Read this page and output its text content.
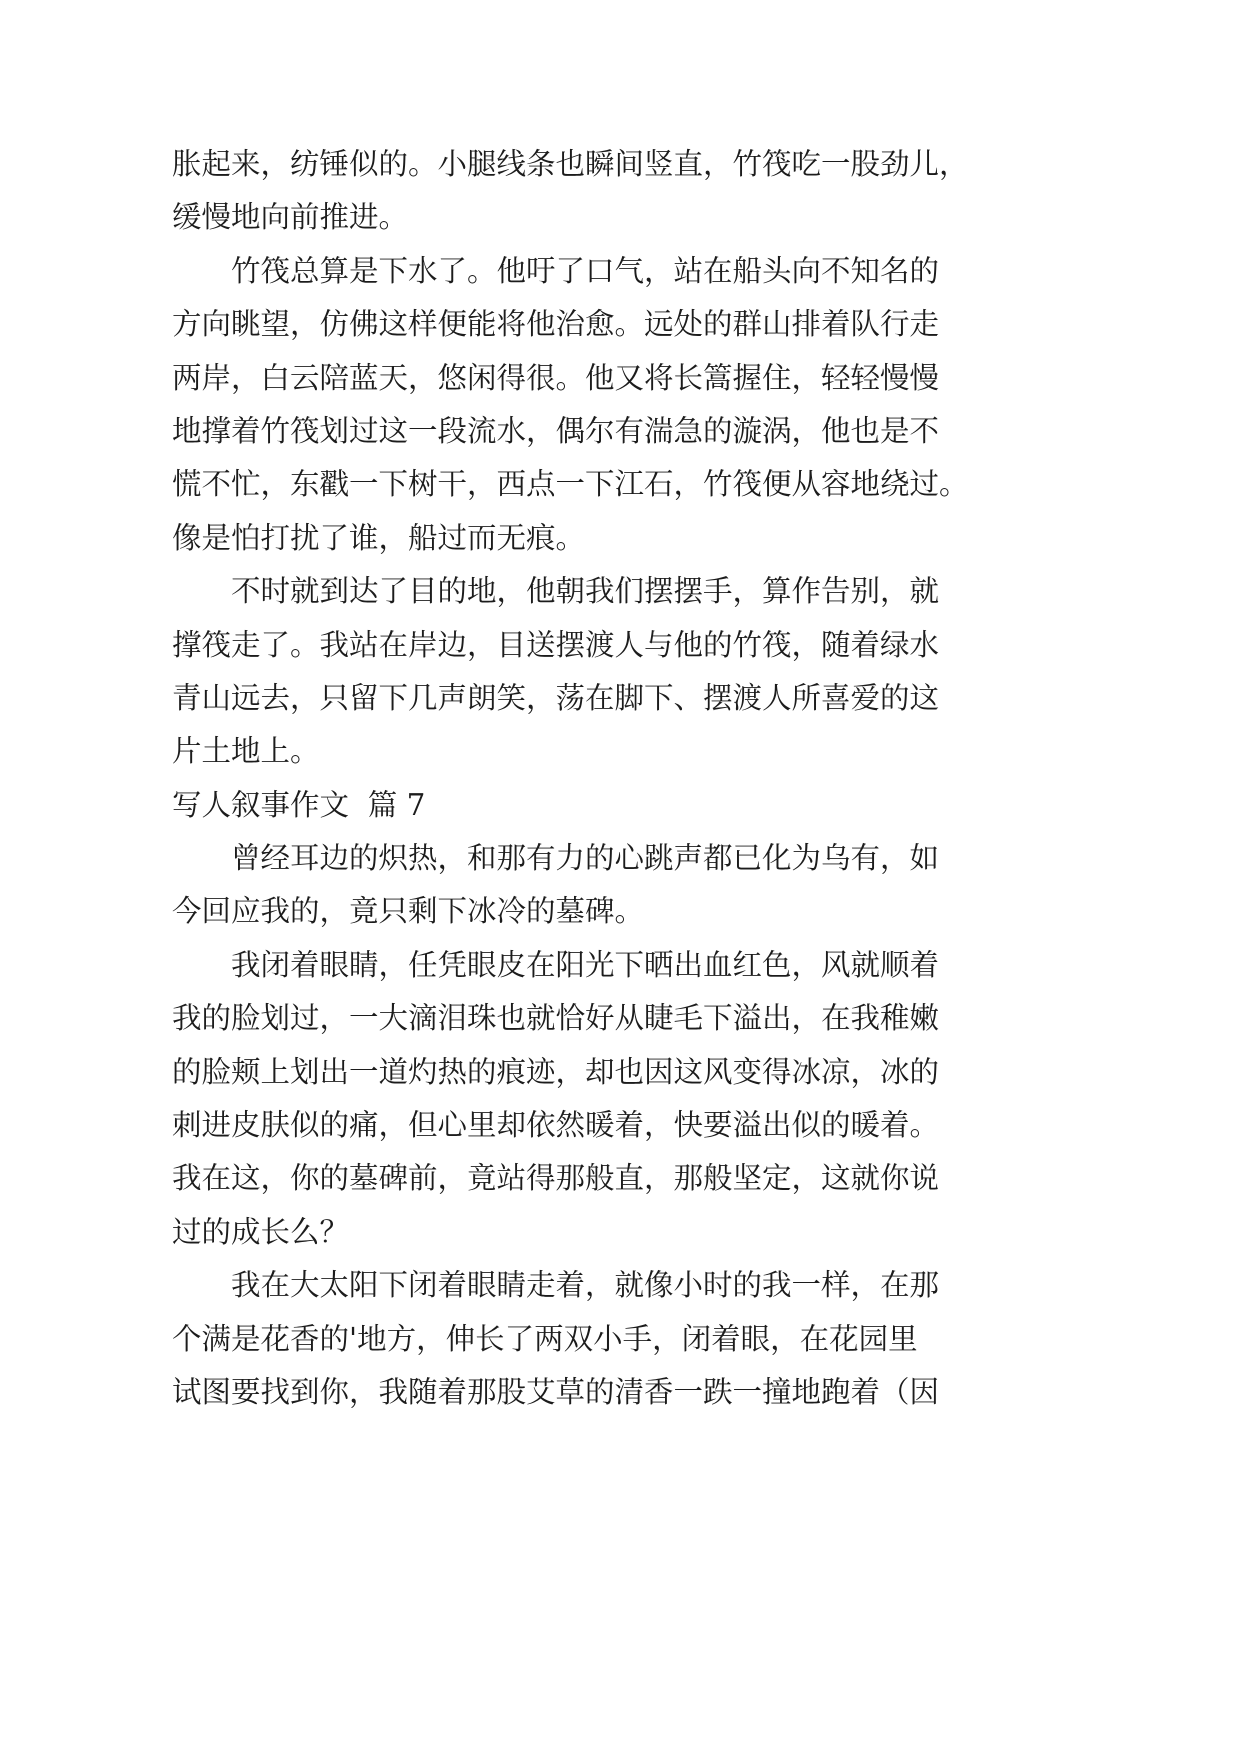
胀起来，纺锤似的。小腿线条也瞬间竖直，竹筏吃一股劲儿，
缓慢地向前推进。
竹筏总算是下水了。他吁了口气，站在船头向不知名的
方向眺望，仿佛这样便能将他治愈。远处的群山排着队行走
两岸，白云陪蓝天，悠闲得很。他又将长篙握住，轻轻慢慢
地撑着竹筏划过这一段流水，偶尔有湍急的漩涡，他也是不
慌不忙，东戳一下树干，西点一下江石，竹筏便从容地绕过。
像是怕打扰了谁，船过而无痕。
不时就到达了目的地，他朝我们摆摆手，算作告别，就
撑筏走了。我站在岸边，目送摆渡人与他的竹筏，随着绿水
青山远去，只留下几声朗笑，荡在脚下、摆渡人所喜爱的这
片土地上。
写人叙事作文  篇 7
曾经耳边的炽热，和那有力的心跳声都已化为乌有，如
今回应我的，竟只剩下冰冷的墓碑。
我闭着眼睛，任凭眼皮在阳光下晒出血红色，风就顺着
我的脸划过，一大滴泪珠也就恰好从睫毛下溢出，在我稚嫩
的脸颊上划出一道灼热的痕迹，却也因这风变得冰凉，冰的
刺进皮肤似的痛，但心里却依然暖着，快要溢出似的暖着。
我在这，你的墓碑前，竟站得那般直，那般坚定，这就你说
过的成长么？
我在大太阳下闭着眼睛走着，就像小时的我一样，在那
个满是花香的'地方，伸长了两双小手，闭着眼，在花园里
试图要找到你，我随着那股艾草的清香一跌一撞地跑着（因
